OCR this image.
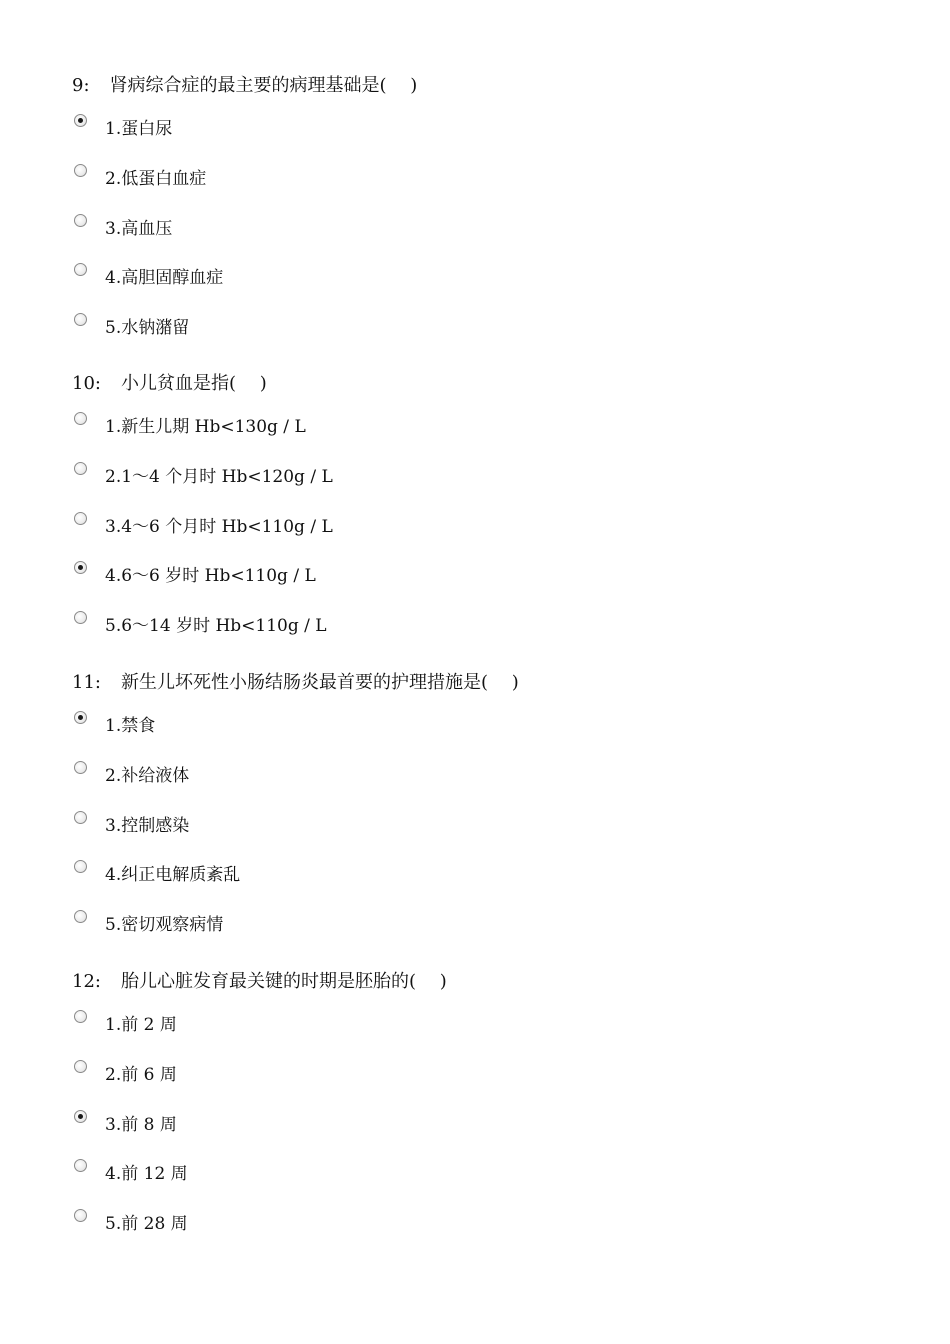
9: 肾病综合症的最主要的病理基础是(　 )
1.蛋白尿
2.低蛋白血症
3.高血压
4.高胆固醇血症
5.水钠潴留
10: 小儿贫血是指(　 )
1.新生儿期 Hb<130g / L
2.1～4 个月时 Hb<120g / L
3.4～6 个月时 Hb<110g / L
4.6～6 岁时 Hb<110g / L
5.6～14 岁时 Hb<110g / L
11: 新生儿坏死性小肠结肠炎最首要的护理措施是(　 )
1.禁食
2.补给液体
3.控制感染
4.纠正电解质紊乱
5.密切观察病情
12: 胎儿心脏发育最关键的时期是胚胎的(　 )
1.前 2 周
2.前 6 周
3.前 8 周
4.前 12 周
5.前 28 周
